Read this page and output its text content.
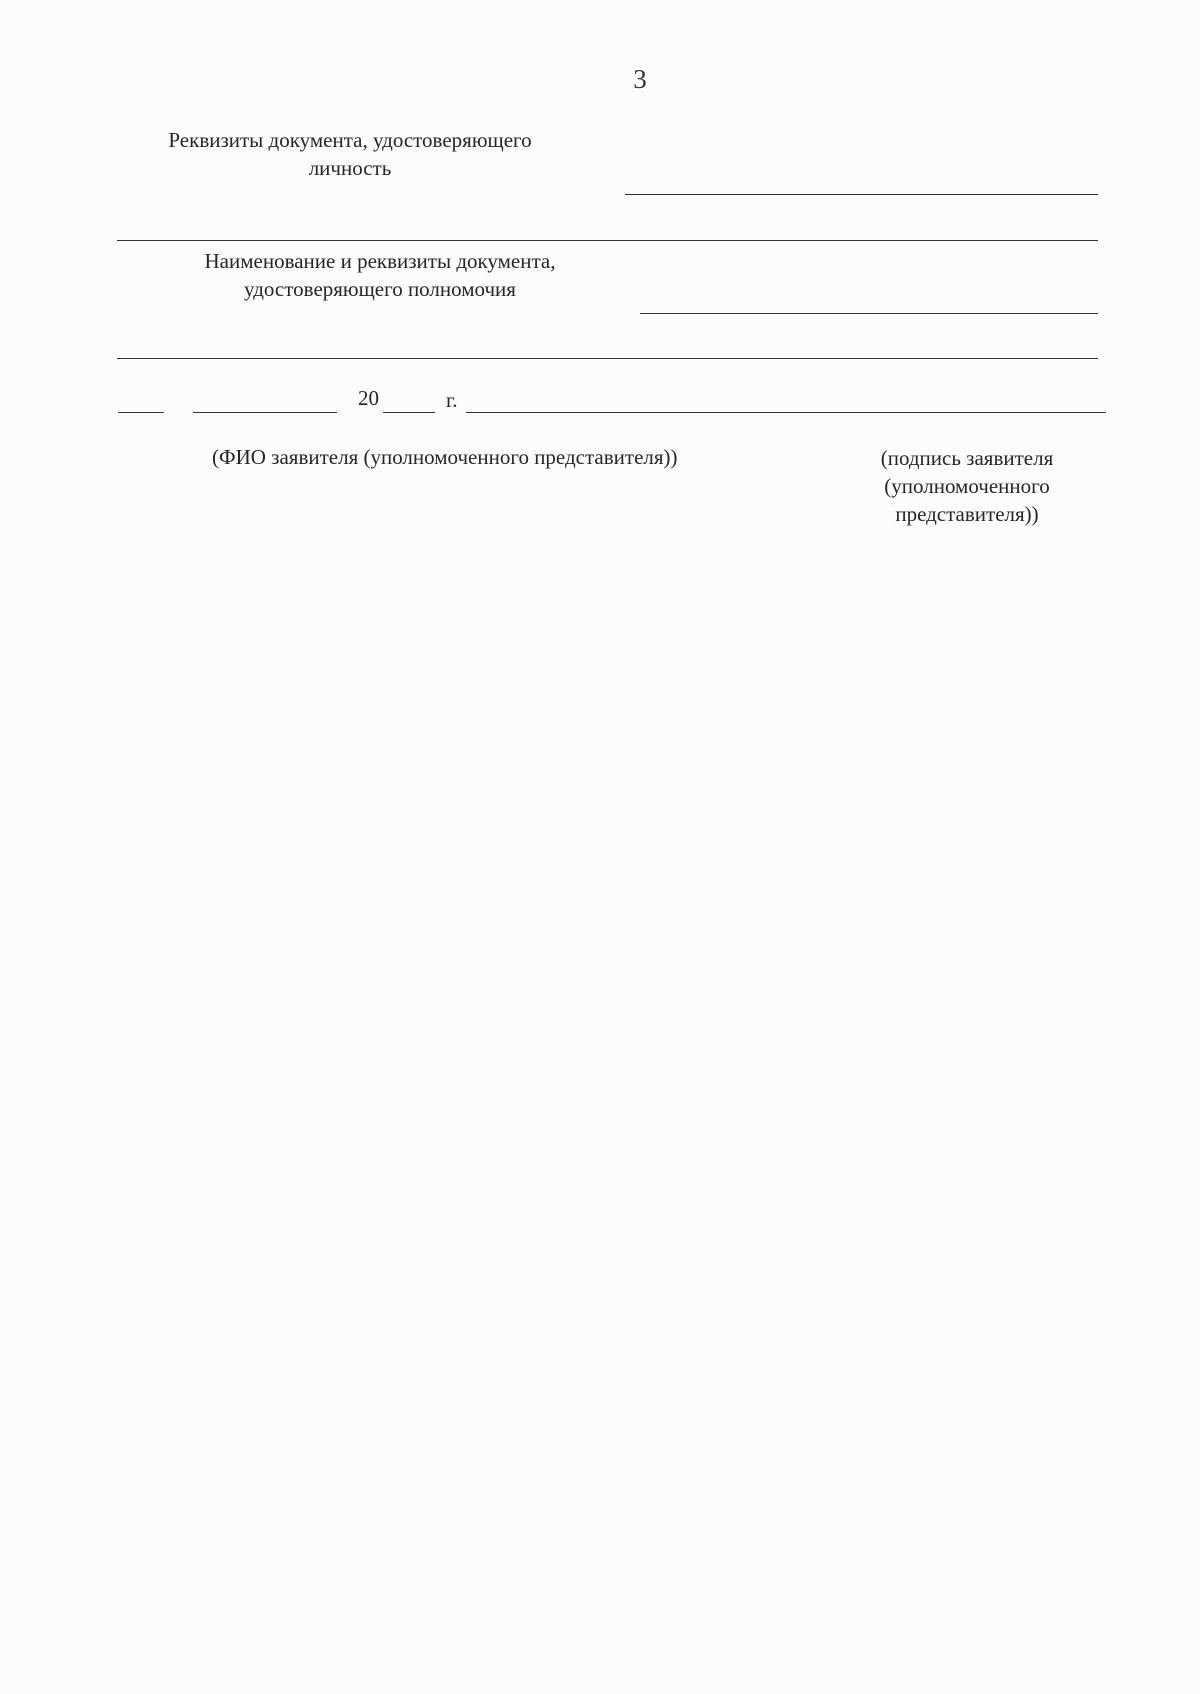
3
Реквизиты документа, удостоверяющего
личность
Наименование и реквизиты документа,
удостоверяющего полномочия
20	г.
(ФИО заявителя (уполномоченного представителя))	(подпись заявителя
(уполномоченного
представителя))
